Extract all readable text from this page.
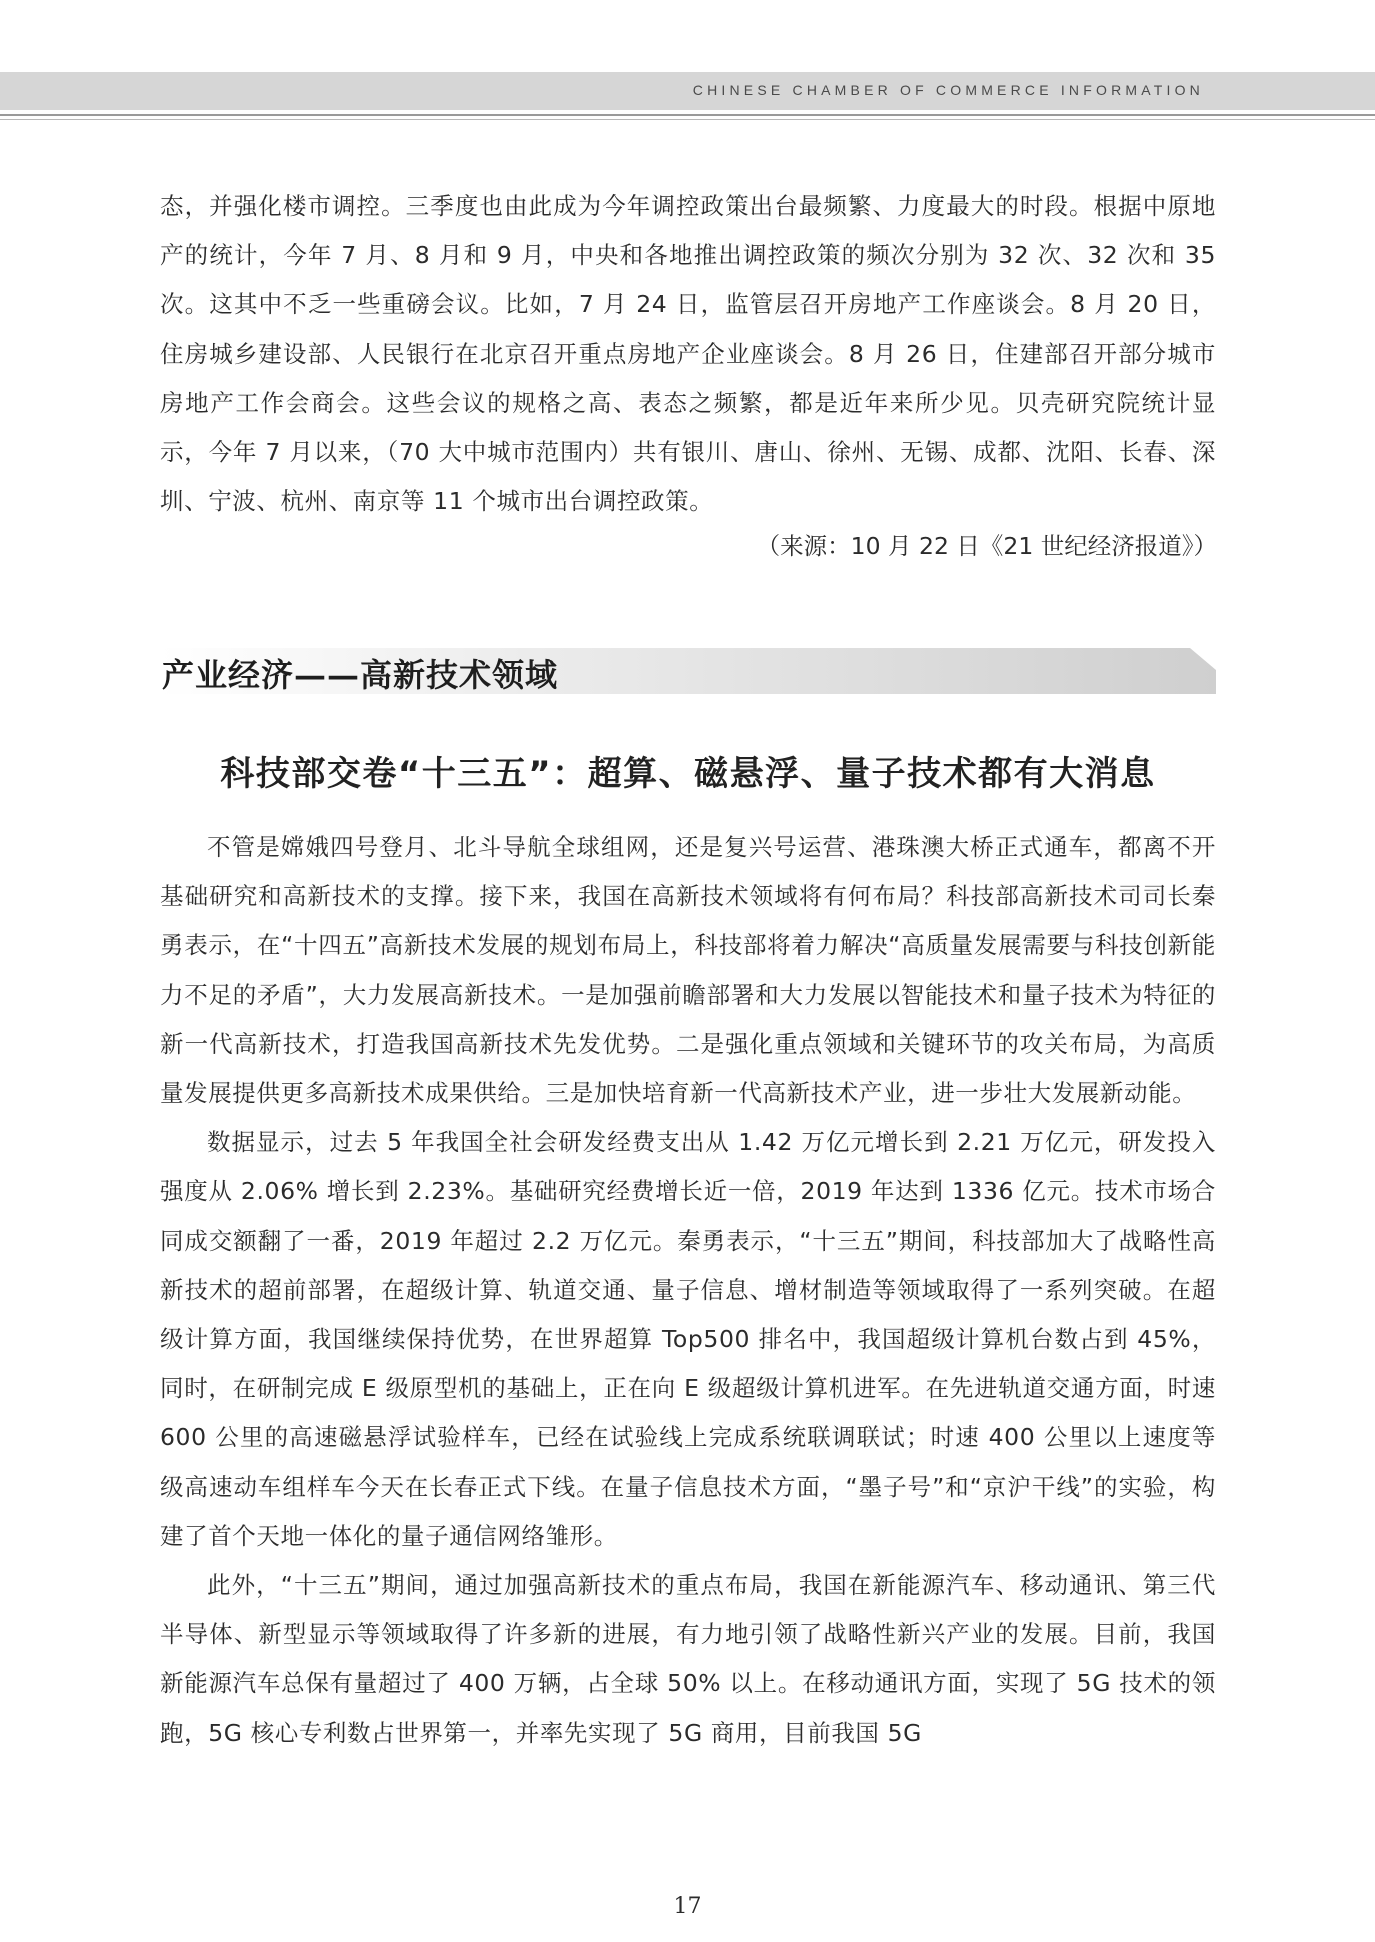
CHINESE CHAMBER OF COMMERCE INFORMATION

态，并强化楼市调控。三季度也由此成为今年调控政策出台最频繁、力度最大的时段。根据中原地产的统计，今年 7 月、8 月和 9 月，中央和各地推出调控政策的频次分别为 32 次、32 次和 35 次。这其中不乏一些重磅会议。比如，7 月 24 日，监管层召开房地产工作座谈会。8 月 20 日，住房城乡建设部、人民银行在北京召开重点房地产企业座谈会。8 月 26 日，住建部召开部分城市房地产工作会商会。这些会议的规格之高、表态之频繁，都是近年来所少见。贝壳研究院统计显示，今年 7 月以来，（70 大中城市范围内）共有银川、唐山、徐州、无锡、成都、沈阳、长春、深圳、宁波、杭州、南京等 11 个城市出台调控政策。

（来源：10 月 22 日《21 世纪经济报道》）
产业经济——高新技术领域
科技部交卷“十三五”：超算、磁悬浮、量子技术都有大消息

不管是嫦娥四号登月、北斗导航全球组网，还是复兴号运营、港珠澳大桥正式通车，都离不开基础研究和高新技术的支撑。接下来，我国在高新技术领域将有何布局？科技部高新技术司司长秦勇表示，在“十四五”高新技术发展的规划布局上，科技部将着力解决“高质量发展需要与科技创新能力不足的矛盾”，大力发展高新技术。一是加强前瞻部署和大力发展以智能技术和量子技术为特征的新一代高新技术，打造我国高新技术先发优势。二是强化重点领域和关键环节的攻关布局，为高质量发展提供更多高新技术成果供给。三是加快培育新一代高新技术产业，进一步壮大发展新动能。

数据显示，过去 5 年我国全社会研发经费支出从 1.42 万亿元增长到 2.21 万亿元，研发投入强度从 2.06% 增长到 2.23%。基础研究经费增长近一倍，2019 年达到 1336 亿元。技术市场合同成交额翻了一番，2019 年超过 2.2 万亿元。秦勇表示，“十三五”期间，科技部加大了战略性高新技术的超前部署，在超级计算、轨道交通、量子信息、增材制造等领域取得了一系列突破。在超级计算方面，我国继续保持优势，在世界超算 Top500 排名中，我国超级计算机台数占到 45%，同时，在研制完成 E 级原型机的基础上，正在向 E 级超级计算机进军。在先进轨道交通方面，时速 600 公里的高速磁悬浮试验样车，已经在试验线上完成系统联调联试；时速 400 公里以上速度等级高速动车组样车今天在长春正式下线。在量子信息技术方面，“墨子号”和“京沪干线”的实验，构建了首个天地一体化的量子通信网络雏形。

此外，“十三五”期间，通过加强高新技术的重点布局，我国在新能源汽车、移动通讯、第三代半导体、新型显示等领域取得了许多新的进展，有力地引领了战略性新兴产业的发展。目前，我国新能源汽车总保有量超过了 400 万辆，占全球 50% 以上。在移动通讯方面，实现了 5G 技术的领跑，5G 核心专利数占世界第一，并率先实现了 5G 商用，目前我国 5G

17
